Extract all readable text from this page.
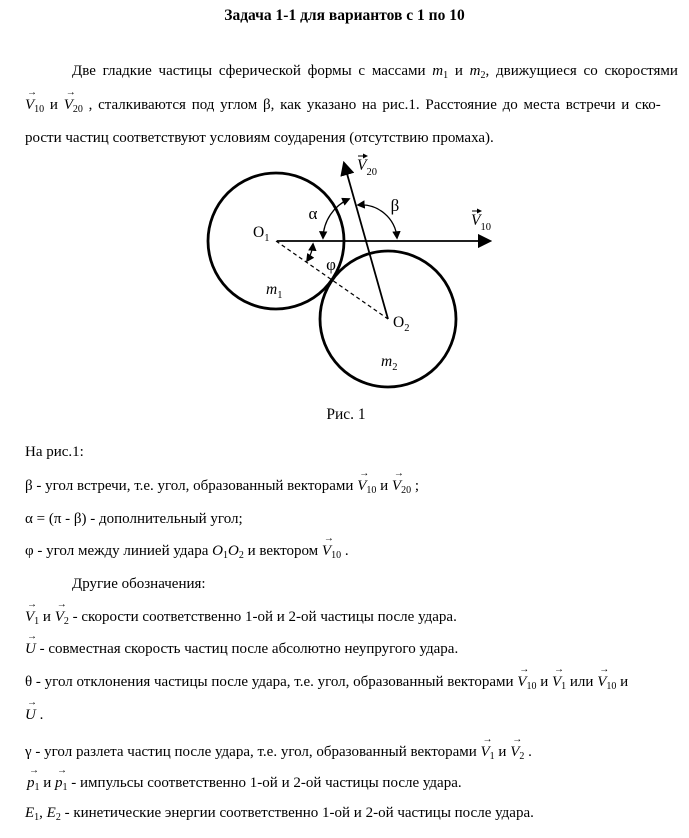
Задача 1-1 для вариантов с 1 по 10
Две гладкие частицы сферической формы с массами $m_1$ и $m_2$, движущиеся со скоростями
→ $V_{10}$ $и \to V_{20}$ , сталкиваются под углом β, как указано на рис.1. Расстояние до места встречи и ско-
рости частиц соответствуют условиям соударения (отсутствию промаха).
$V_{10}$
$V_{20}$
$O_1$
$O_2$
$m_1$
$m_2$
α	β
φ
Рис. 1
На рис.1:
β - угол встречи, т.е. угол, образованный векторами → $V_{10}$ $и \to V_{20}$ ;
α = (π - β) - дополнительный угол;
φ - угол между линией удара $O_1O_2$ и вектором → $V_{10}$ .
Другие обозначения:
→ $V_1$ $и \to V_2$ - скорости соответственно 1-ой и 2-ой частицы после удара.
→ U - совместная скорость частиц после абсолютно неупругого удара.
θ - угол отклонения частицы после удара, т.е. угол, образованный векторами → $V_{10}$ $и \to V_1$ или → $V_{10}$ и
→ U .
γ - угол разлета частиц после удара, т.е. угол, образованный векторами → $V_1$ $и \to V_2$ .
→ $p_1$ $и \to p_1$ - импульсы соответственно 1-ой и 2-ой частицы после удара.
$E_1$, $E_2$ - кинетические энергии соответственно 1-ой и 2-ой частицы после удара.
